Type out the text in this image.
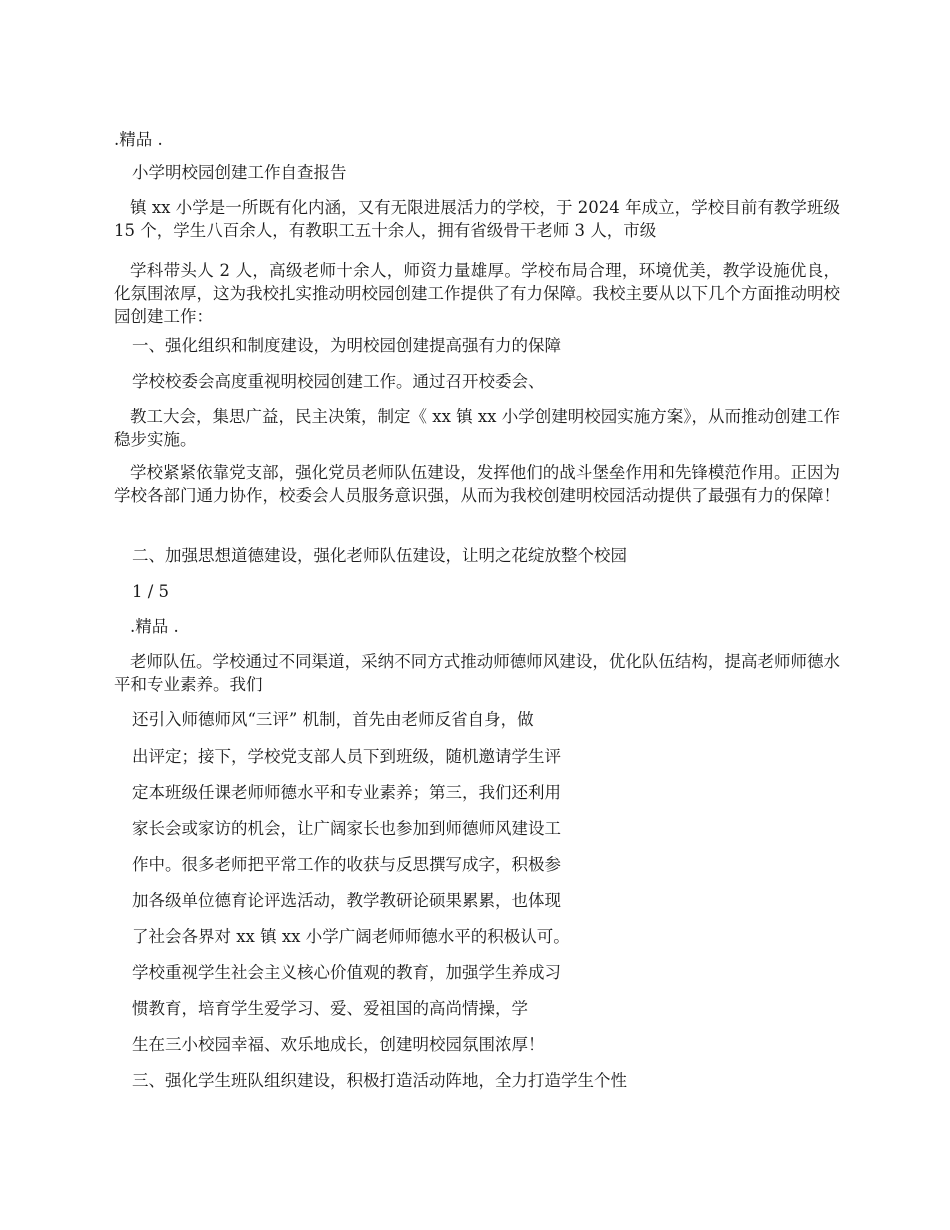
.精品 .
小学明校园创建工作自查报告
镇 xx 小学是一所既有化内涵，又有无限进展活力的学校，于 2024 年成立，学校目前有教学班级 15 个，学生八百余人，有教职工五十余人，拥有省级骨干老师 3 人，市级
学科带头人 2 人，高级老师十余人，师资力量雄厚。学校布局合理，环境优美，教学设施优良，化氛围浓厚，这为我校扎实推动明校园创建工作提供了有力保障。我校主要从以下几个方面推动明校园创建工作：
一、强化组织和制度建设，为明校园创建提高强有力的保障
学校校委会高度重视明校园创建工作。通过召开校委会、
教工大会，集思广益，民主决策，制定《 xx 镇 xx 小学创建明校园实施方案》，从而推动创建工作稳步实施。
学校紧紧依靠党支部，强化党员老师队伍建设，发挥他们的战斗堡垒作用和先锋模范作用。正因为学校各部门通力协作，校委会人员服务意识强，从而为我校创建明校园活动提供了最强有力的保障！
二、加强思想道德建设，强化老师队伍建设，让明之花绽放整个校园
1 / 5
.精品 .
老师队伍。学校通过不同渠道，采纳不同方式推动师德师风建设，优化队伍结构，提高老师师德水平和专业素养。我们
还引入师德师风“三评” 机制，首先由老师反省自身，做
出评定；接下，学校党支部人员下到班级，随机邀请学生评
定本班级任课老师师德水平和专业素养；第三，我们还利用
家长会或家访的机会，让广阔家长也参加到师德师风建设工
作中。很多老师把平常工作的收获与反思撰写成字，积极参
加各级单位德育论评选活动，教学教研论硕果累累，也体现
了社会各界对 xx 镇 xx 小学广阔老师师德水平的积极认可。
学校重视学生社会主义核心价值观的教育，加强学生养成习
惯教育，培育学生爱学习、爱、爱祖国的高尚情操，学
生在三小校园幸福、欢乐地成长，创建明校园氛围浓厚！
三、强化学生班队组织建设，积极打造活动阵地，全力打造学生个性
